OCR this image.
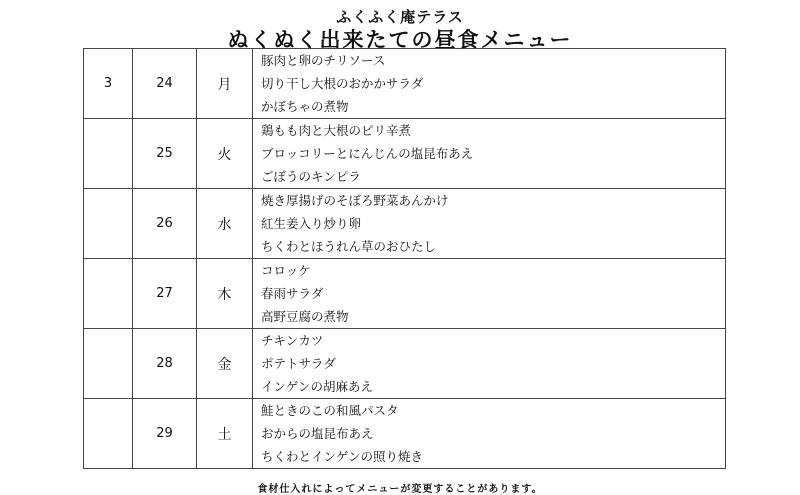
ふくふく庵テラス
ぬくぬく出来たての昼食メニュー
3	24	月	豚肉と卵のチリソース
切り干し大根のおかかサラダ
かぼちゃの煮物

	25	火	鶏もも肉と大根のピリ辛煮
ブロッコリーとにんじんの塩昆布あえ
ごぼうのキンピラ

	26	水	焼き厚揚げのそぼろ野菜あんかけ
紅生姜入り炒り卵
ちくわとほうれん草のおひたし

	27	木	コロッケ
春雨サラダ
高野豆腐の煮物

	28	金	チキンカツ
ポテトサラダ
インゲンの胡麻あえ

	29	土	鮭ときのこの和風パスタ
おからの塩昆布あえ
ちくわとインゲンの照り焼き
食材仕入れによってメニューが変更することがあります。
